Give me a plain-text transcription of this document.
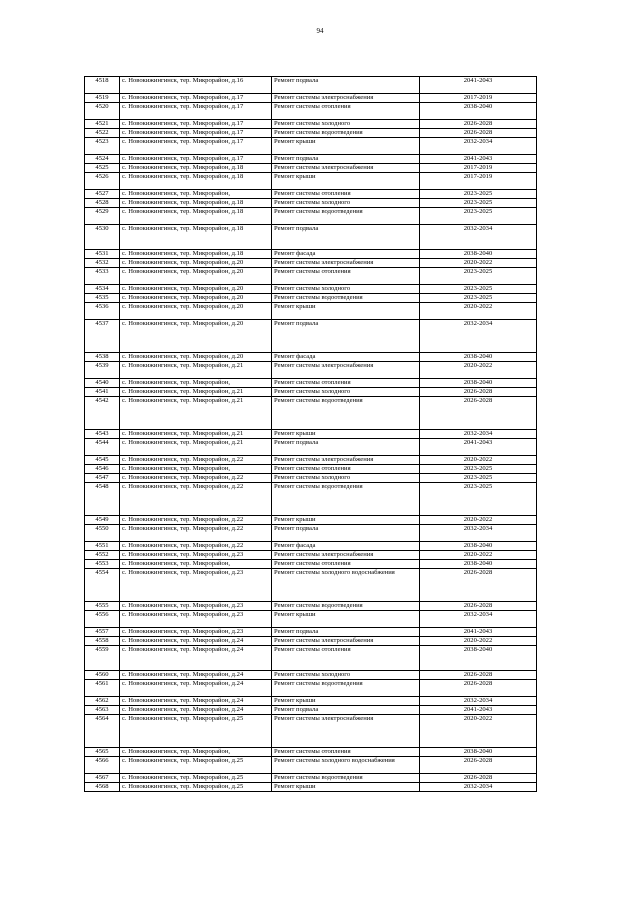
94
4518	с. Новокижингинск, тер. Микрорайон, д.16	Ремонт подвала	2041-2043
4519	с. Новокижингинск, тер. Микрорайон, д.17	Ремонт системы электроснабжения	2017-2019
4520	с. Новокижингинск, тер. Микрорайон, д.17	Ремонт системы отопления	2038-2040
4521	с. Новокижингинск, тер. Микрорайон, д.17	Ремонт системы холодного	2026-2028
4522	с. Новокижингинск, тер. Микрорайон, д.17	Ремонт системы водоотведения	2026-2028
4523	с. Новокижингинск, тер. Микрорайон, д.17	Ремонт крыши	2032-2034
4524	с. Новокижингинск, тер. Микрорайон, д.17	Ремонт подвала	2041-2043
4525	с. Новокижингинск, тер. Микрорайон, д.18	Ремонт системы электроснабжения	2017-2019
4526	с. Новокижингинск, тер. Микрорайон, д.18	Ремонт крыши	2017-2019
4527	с. Новокижингинск, тер. Микрорайон,	Ремонт системы отопления	2023-2025
4528	с. Новокижингинск, тер. Микрорайон, д.18	Ремонт системы холодного	2023-2025
4529	с. Новокижингинск, тер. Микрорайон, д.18	Ремонт системы водоотведения	2023-2025
4530	с. Новокижингинск, тер. Микрорайон, д.18	Ремонт подвала	2032-2034
4531	с. Новокижингинск, тер. Микрорайон, д.18	Ремонт фасада	2038-2040
4532	с. Новокижингинск, тер. Микрорайон, д.20	Ремонт системы электроснабжения	2020-2022
4533	с. Новокижингинск, тер. Микрорайон, д.20	Ремонт системы отопления	2023-2025
4534	с. Новокижингинск, тер. Микрорайон, д.20	Ремонт системы холодного	2023-2025
4535	с. Новокижингинск, тер. Микрорайон, д.20	Ремонт системы водоотведения	2023-2025
4536	с. Новокижингинск, тер. Микрорайон, д.20	Ремонт крыши	2020-2022
4537	с. Новокижингинск, тер. Микрорайон, д.20	Ремонт подвала	2032-2034
4538	с. Новокижингинск, тер. Микрорайон, д.20	Ремонт фасада	2038-2040
4539	с. Новокижингинск, тер. Микрорайон, д.21	Ремонт системы электроснабжения	2020-2022
4540	с. Новокижингинск, тер. Микрорайон,	Ремонт системы отопления	2038-2040
4541	с. Новокижингинск, тер. Микрорайон, д.21	Ремонт системы холодного	2026-2028
4542	с. Новокижингинск, тер. Микрорайон, д.21	Ремонт системы водоотведения	2026-2028
4543	с. Новокижингинск, тер. Микрорайон, д.21	Ремонт крыши	2032-2034
4544	с. Новокижингинск, тер. Микрорайон, д.21	Ремонт подвала	2041-2043
4545	с. Новокижингинск, тер. Микрорайон, д.22	Ремонт системы электроснабжения	2020-2022
4546	с. Новокижингинск, тер. Микрорайон,	Ремонт системы отопления	2023-2025
4547	с. Новокижингинск, тер. Микрорайон, д.22	Ремонт системы холодного	2023-2025
4548	с. Новокижингинск, тер. Микрорайон, д.22	Ремонт системы водоотведения	2023-2025
4549	с. Новокижингинск, тер. Микрорайон, д.22	Ремонт крыши	2020-2022
4550	с. Новокижингинск, тер. Микрорайон, д.22	Ремонт подвала	2032-2034
4551	с. Новокижингинск, тер. Микрорайон, д.22	Ремонт фасада	2038-2040
4552	с. Новокижингинск, тер. Микрорайон, д.23	Ремонт системы электроснабжения	2020-2022
4553	с. Новокижингинск, тер. Микрорайон,	Ремонт системы отопления	2038-2040
4554	с. Новокижингинск, тер. Микрорайон, д.23	Ремонт системы холодного водоснабжения	2026-2028
4555	с. Новокижингинск, тер. Микрорайон, д.23	Ремонт системы водоотведения	2026-2028
4556	с. Новокижингинск, тер. Микрорайон, д.23	Ремонт крыши	2032-2034
4557	с. Новокижингинск, тер. Микрорайон, д.23	Ремонт подвала	2041-2043
4558	с. Новокижингинск, тер. Микрорайон, д.24	Ремонт системы электроснабжения	2020-2022
4559	с. Новокижингинск, тер. Микрорайон, д.24	Ремонт системы отопления	2038-2040
4560	с. Новокижингинск, тер. Микрорайон, д.24	Ремонт системы холодного	2026-2028
4561	с. Новокижингинск, тер. Микрорайон, д.24	Ремонт системы водоотведения	2026-2028
4562	с. Новокижингинск, тер. Микрорайон, д.24	Ремонт крыши	2032-2034
4563	с. Новокижингинск, тер. Микрорайон, д.24	Ремонт подвала	2041-2043
4564	с. Новокижингинск, тер. Микрорайон, д.25	Ремонт системы электроснабжения	2020-2022
4565	с. Новокижингинск, тер. Микрорайон,	Ремонт системы отопления	2038-2040
4566	с. Новокижингинск, тер. Микрорайон, д.25	Ремонт системы холодного водоснабжения	2026-2028
4567	с. Новокижингинск, тер. Микрорайон, д.25	Ремонт системы водоотведения	2026-2028
4568	с. Новокижингинск, тер. Микрорайон, д.25	Ремонт крыши	2032-2034
